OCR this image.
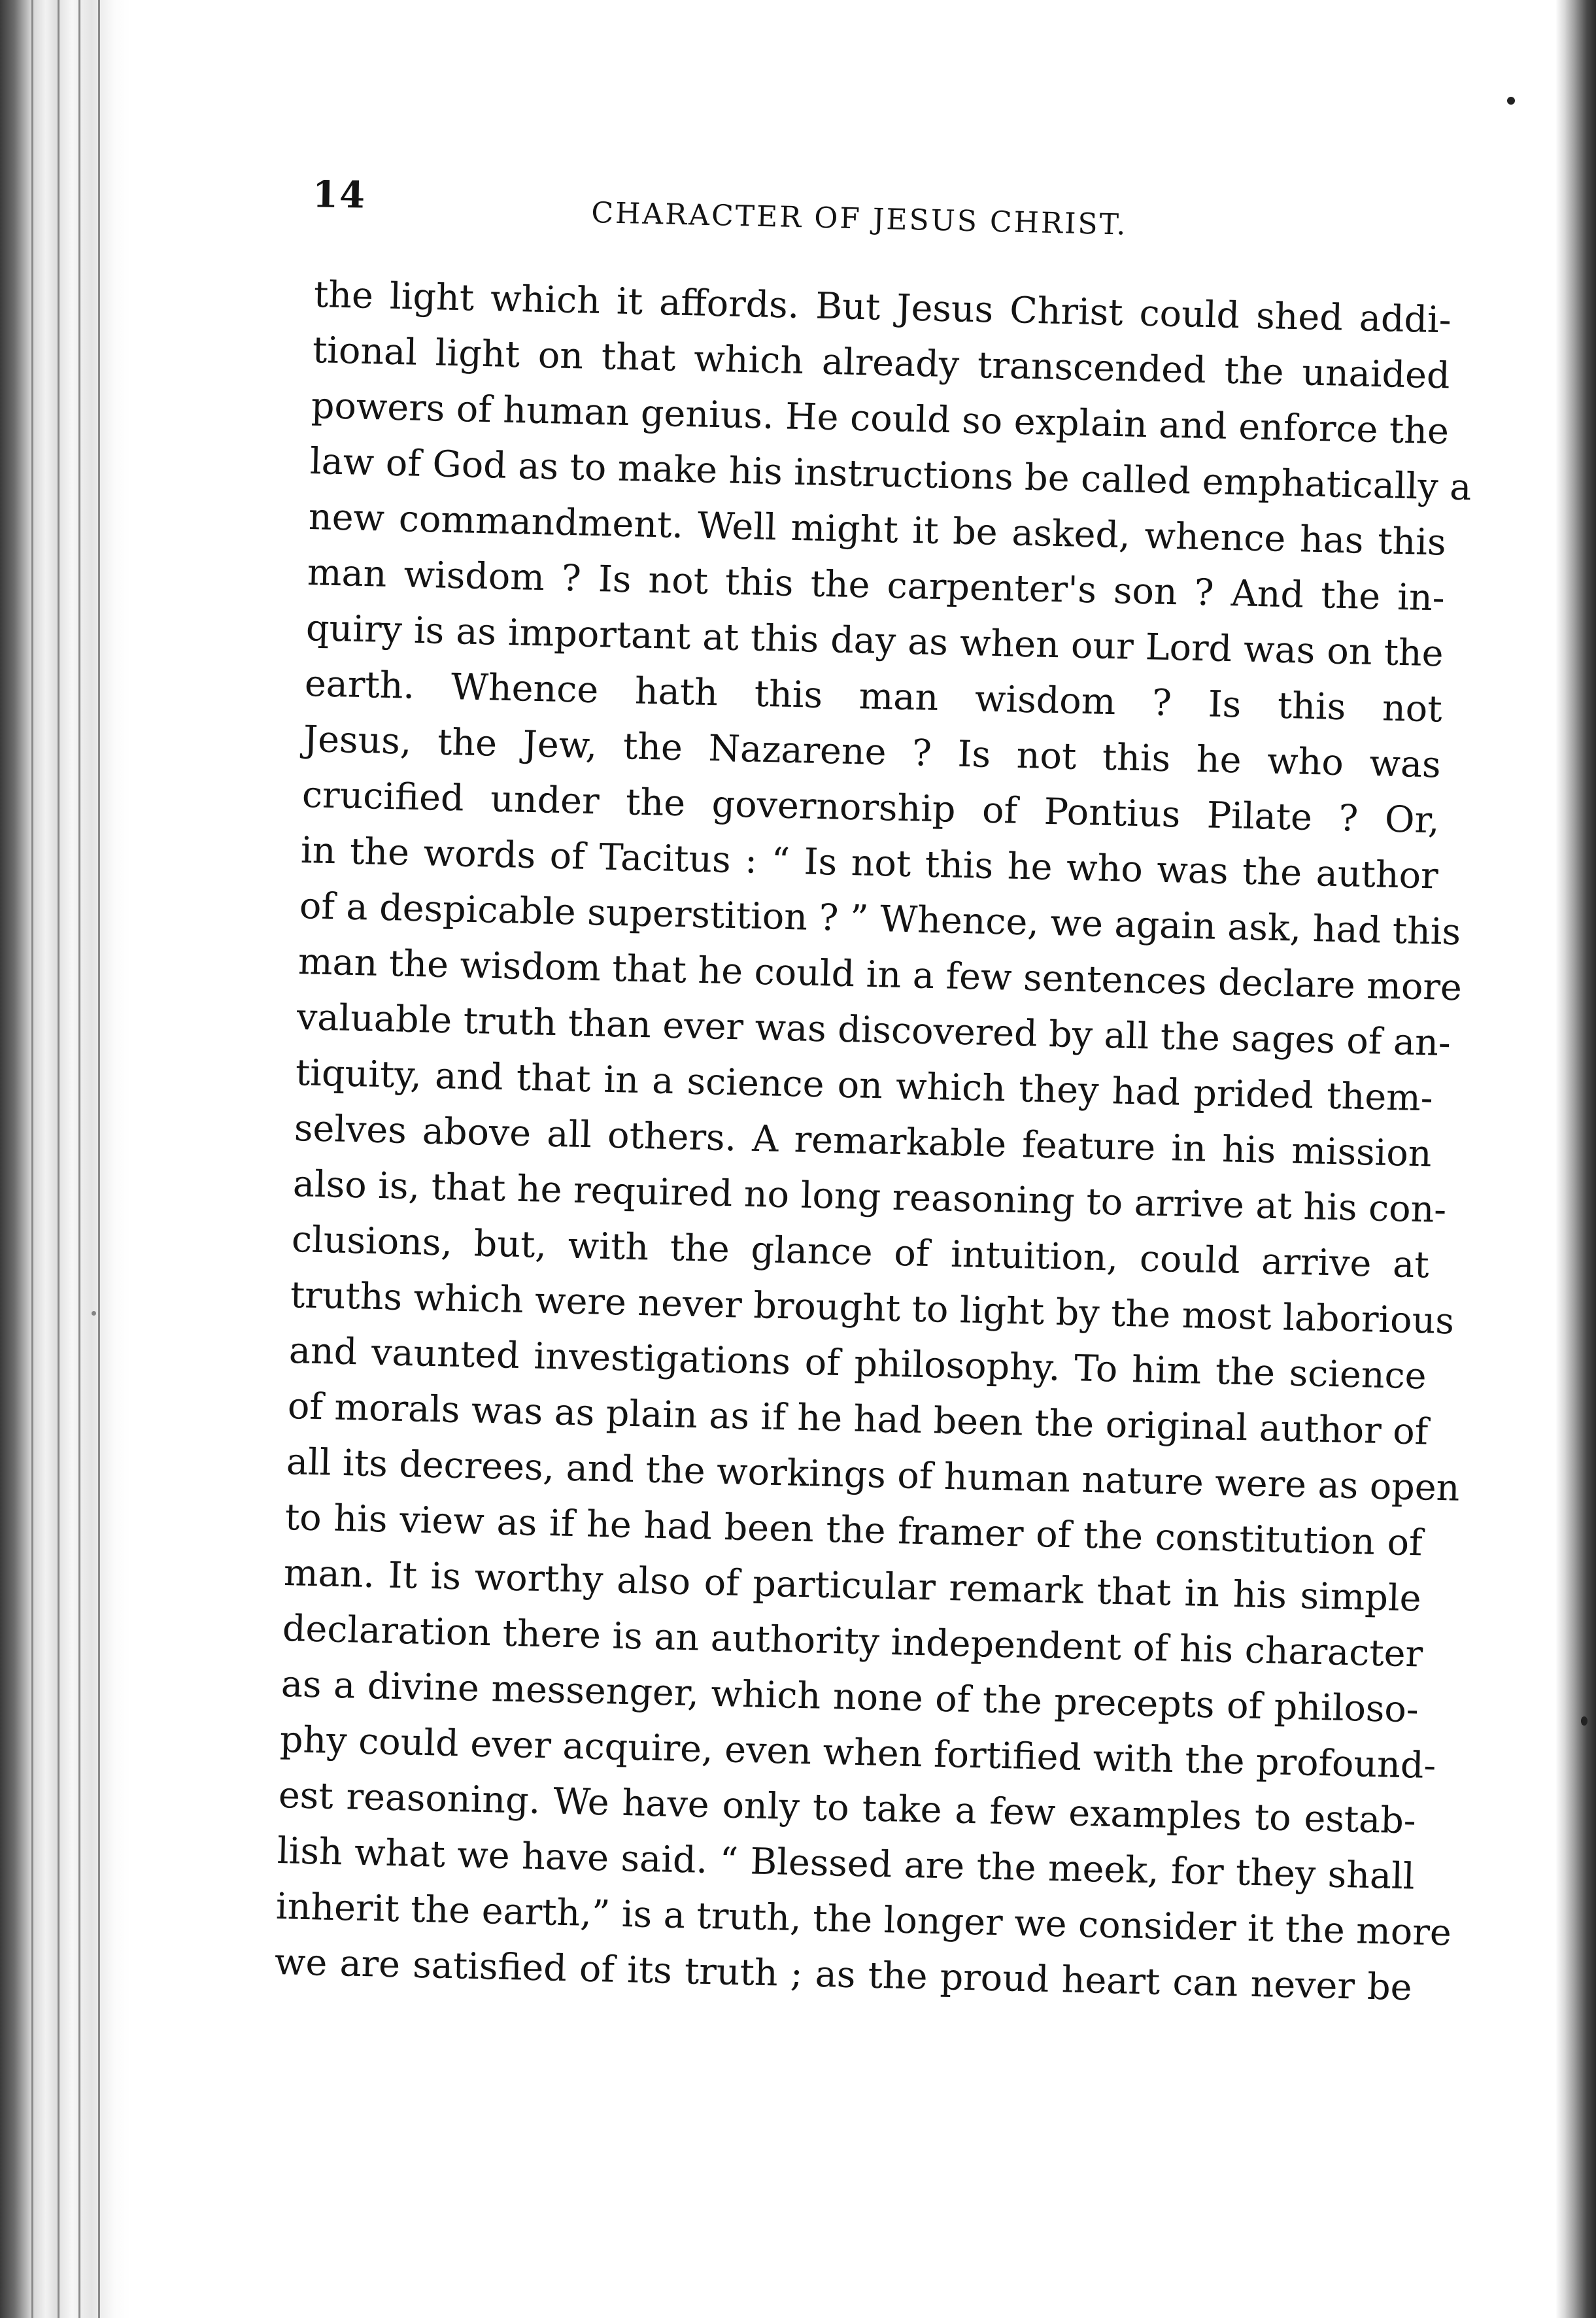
14
CHARACTER OF JESUS CHRIST.
the light which it affords. But Jesus Christ could shed addi-
tional light on that which already transcended the unaided
powers of human genius. He could so explain and enforce the
law of God as to make his instructions be called emphatically a
new commandment. Well might it be asked, whence has this
man wisdom ? Is not this the carpenter's son ? And the in-
quiry is as important at this day as when our Lord was on the
earth. Whence hath this man wisdom ? Is this not
Jesus, the Jew, the Nazarene ? Is not this he who was
crucified under the governorship of Pontius Pilate ? Or,
in the words of Tacitus : “ Is not this he who was the author
of a despicable superstition ? ” Whence, we again ask, had this
man the wisdom that he could in a few sentences declare more
valuable truth than ever was discovered by all the sages of an-
tiquity, and that in a science on which they had prided them-
selves above all others. A remarkable feature in his mission
also is, that he required no long reasoning to arrive at his con-
clusions, but, with the glance of intuition, could arrive at
truths which were never brought to light by the most laborious
and vaunted investigations of philosophy. To him the science
of morals was as plain as if he had been the original author of
all its decrees, and the workings of human nature were as open
to his view as if he had been the framer of the constitution of
man. It is worthy also of particular remark that in his simple
declaration there is an authority independent of his character
as a divine messenger, which none of the precepts of philoso-
phy could ever acquire, even when fortified with the profound-
est reasoning. We have only to take a few examples to estab-
lish what we have said. “ Blessed are the meek, for they shall
inherit the earth,” is a truth, the longer we consider it the more
we are satisfied of its truth ; as the proud heart can never be
